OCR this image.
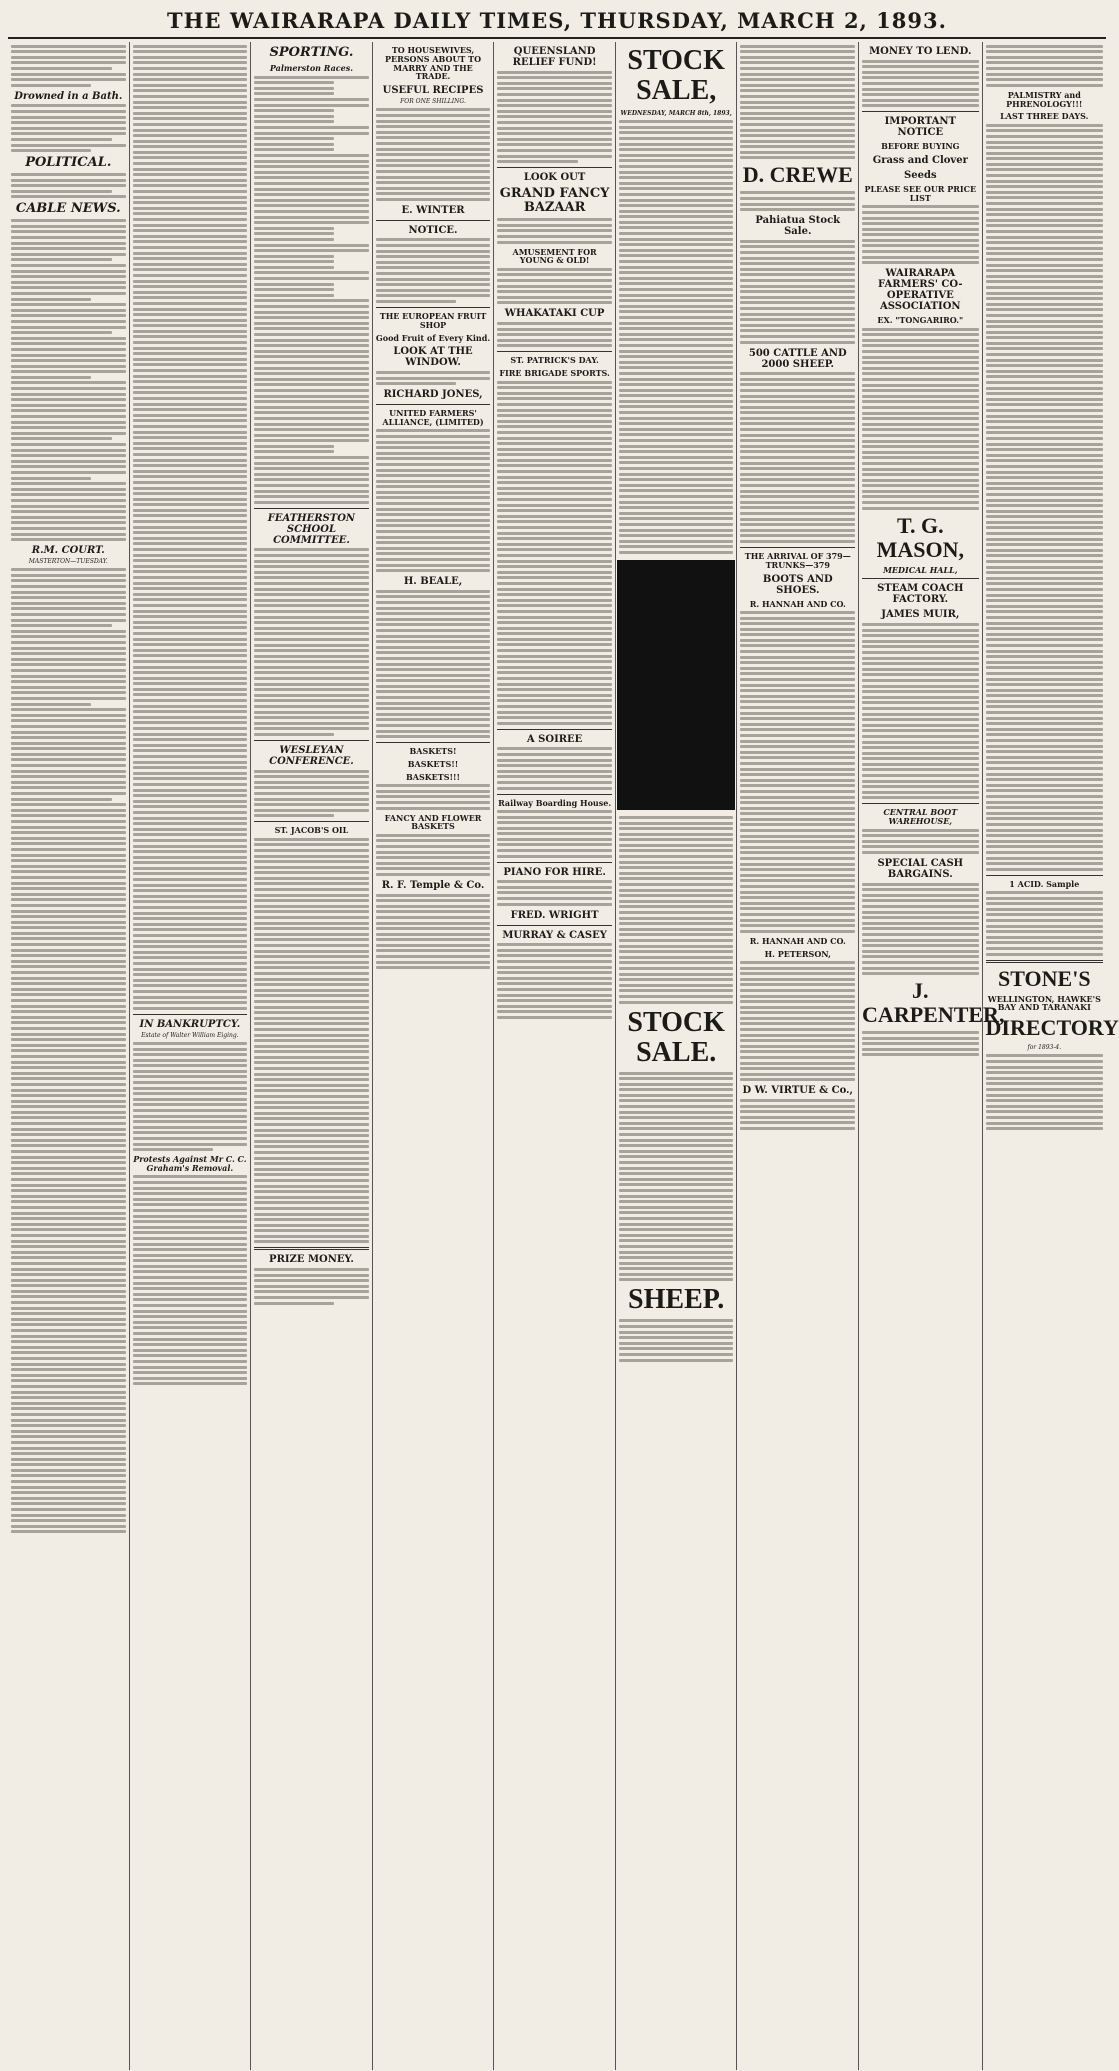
THE WAIRARAPA DAILY TIMES, THURSDAY, MARCH 2, 1893.
Drowned in a Bath.
POLITICAL.
CABLE NEWS.
R.M. COURT.
MASTERTON—TUESDAY.
IN BANKRUPTCY.
Estate of Walter William Eiging.
Protests Against Mr C. C. Graham's Removal.
SPORTING.
Palmerston Races.
FEATHERSTON SCHOOL COMMITTEE.
WESLEYAN CONFERENCE.
ST. JACOB'S OIL
PRIZE MONEY.
TO HOUSEWIVES, PERSONS ABOUT TO MARRY AND THE TRADE.
USEFUL RECIPES
FOR ONE SHILLING.
E. WINTER
NOTICE.
THE EUROPEAN FRUIT SHOP
Good Fruit of Every Kind.
LOOK AT THE WINDOW.
RICHARD JONES,
UNITED FARMERS' ALLIANCE, (LIMITED)
H. BEALE,
BASKETS!
BASKETS!!
BASKETS!!!
FANCY AND FLOWER BASKETS
R. F. Temple & Co.
QUEENSLAND RELIEF FUND!
LOOK OUT
GRAND FANCY BAZAAR
AMUSEMENT FOR YOUNG & OLD!
WHAKATAKI CUP
ST. PATRICK'S DAY.
FIRE BRIGADE SPORTS.
A SOIREE
Railway Boarding House.
PIANO FOR HIRE.
FRED. WRIGHT
MURRAY & CASEY
STOCK SALE,
WEDNESDAY, MARCH 8th, 1893,
STOCK SALE.
SHEEP.
D. CREWE
Pahiatua Stock Sale.
500 CATTLE AND 2000 SHEEP.
THE ARRIVAL OF 379—TRUNKS—379
BOOTS AND SHOES.
R. HANNAH AND CO.
R. HANNAH AND CO.
H. PETERSON,
D W. VIRTUE & Co.,
MONEY TO LEND.
IMPORTANT NOTICE
BEFORE BUYING
Grass and Clover
Seeds
PLEASE SEE OUR PRICE LIST
WAIRARAPA FARMERS' CO-OPERATIVE ASSOCIATION
EX. "TONGARIRO."
T. G. MASON,
MEDICAL HALL,
STEAM COACH FACTORY.
JAMES MUIR,
CENTRAL BOOT WAREHOUSE,
SPECIAL CASH BARGAINS.
J. CARPENTER,
PALMISTRY and PHRENOLOGY!!!
LAST THREE DAYS.
1 ACID. Sample
STONE'S
WELLINGTON, HAWKE'S BAY AND TARANAKI
DIRECTORY
for 1893-4.
